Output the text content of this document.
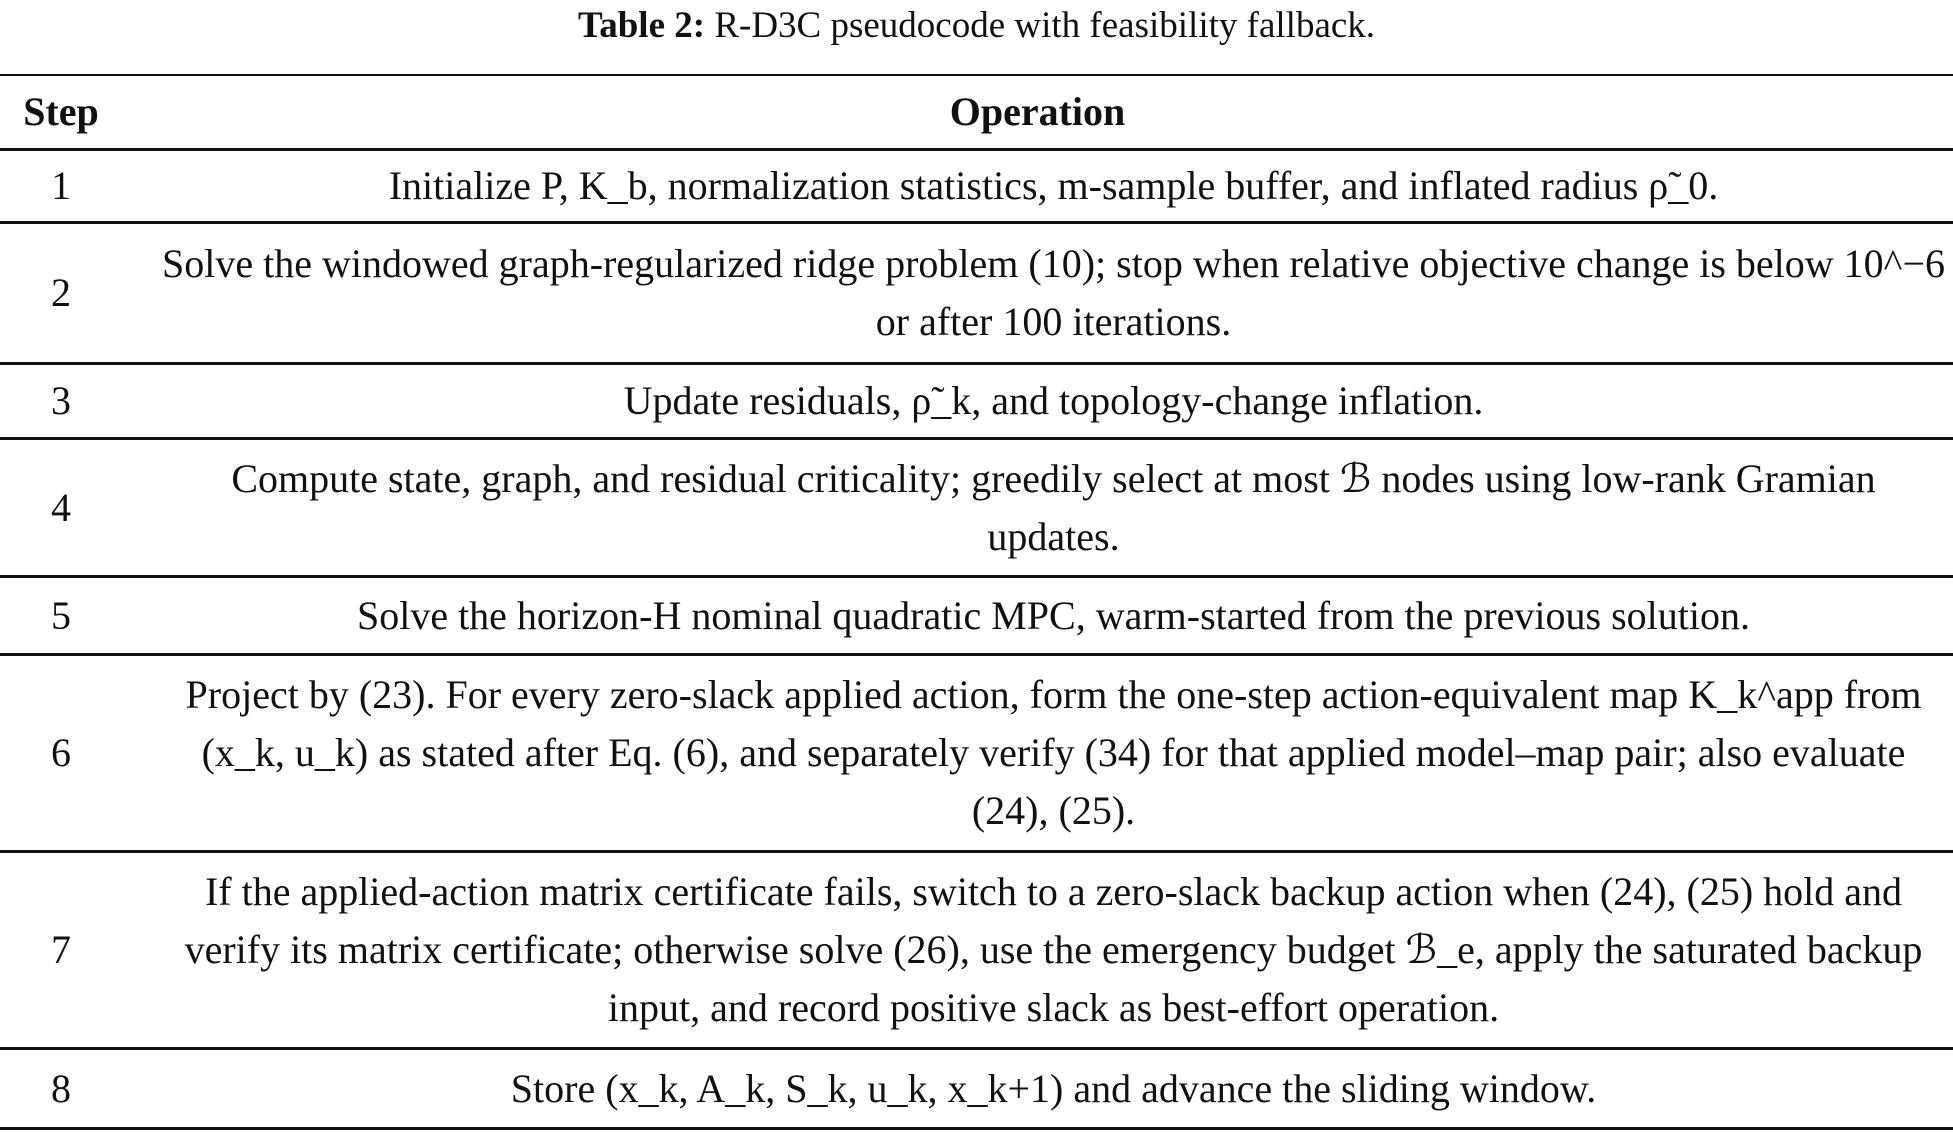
Table 2: R-D3C pseudocode with feasibility fallback.
Step	Operation
1	Initialize P, K_b, normalization statistics, m-sample buffer, and inflated radius ρ̃_0.

2	Solve the windowed graph-regularized ridge problem (10); stop when relative objective change is below 10^−6 or after 100 iterations.

3	Update residuals, ρ̃_k, and topology-change inflation.

4	Compute state, graph, and residual criticality; greedily select at most ℬ nodes using low-rank Gramian updates.

5	Solve the horizon-H nominal quadratic MPC, warm-started from the previous solution.

6	Project by (23). For every zero-slack applied action, form the one-step action-equivalent map K_k^app from (x_k, u_k) as stated after Eq. (6), and separately verify (34) for that applied model–map pair; also evaluate (24), (25).

7	If the applied-action matrix certificate fails, switch to a zero-slack backup action when (24), (25) hold and verify its matrix certificate; otherwise solve (26), use the emergency budget ℬ_e, apply the saturated backup input, and record positive slack as best-effort operation.

8	Store (x_k, A_k, S_k, u_k, x_k+1) and advance the sliding window.
